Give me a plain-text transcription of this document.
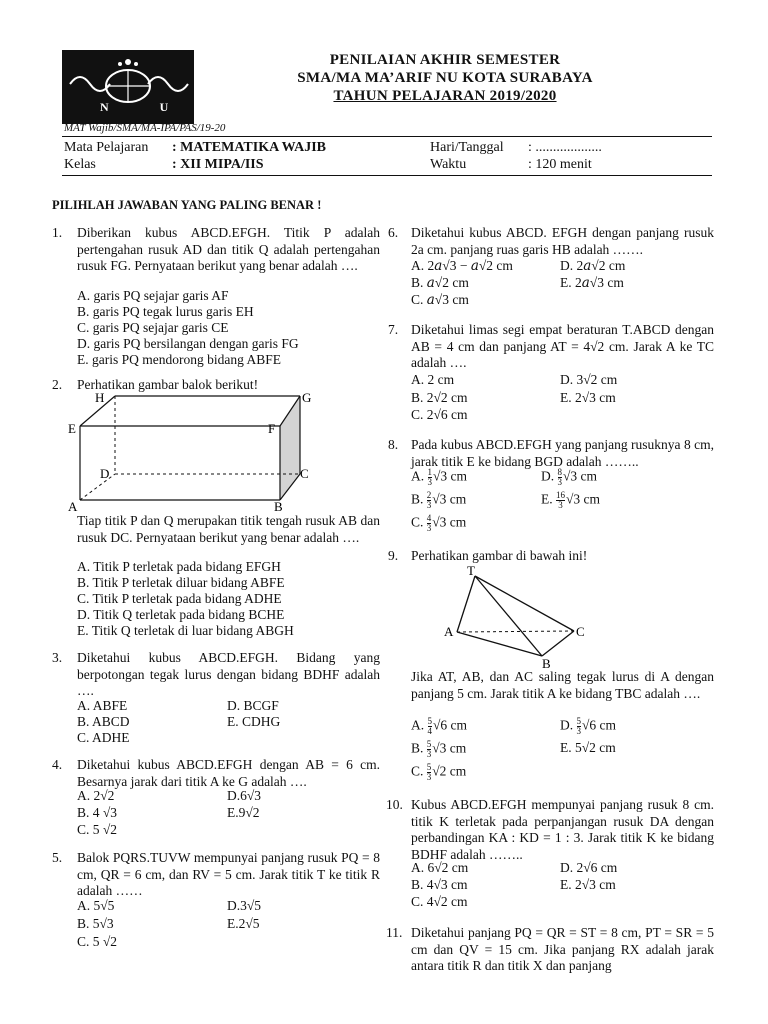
N U
PENILAIAN AKHIR SEMESTER
SMA/MA MA’ARIF NU KOTA SURABAYA
TAHUN PELAJARAN 2019/2020
MAT Wajib/SMA/MA-IPA/PAS/19-20
Mata Pelajaran : MATEMATIKA WAJIB	Hari/Tanggal : ...................
Kelas	: XII MIPA/IIS	Waktu	: 120 menit
PILIHLAH JAWABAN YANG PALING BENAR !
1. Diberikan kubus ABCD.EFGH. Titik P adalah pertengahan rusuk AD dan titik Q adalah pertengahan rusuk FG. Pernyataan berikut yang benar adalah ….
A. garis PQ sejajar garis AF
B. garis PQ tegak lurus garis EH
C. garis PQ sejajar garis CE
D. garis PQ bersilangan dengan garis FG
E. garis PQ mendorong bidang ABFE
2. Perhatikan gambar balok berikut!
H	G
E	F
D	C
A	B
Tiap titik P dan Q merupakan titik tengah rusuk AB dan rusuk DC. Pernyataan berikut yang benar adalah ….
A. Titik P terletak pada bidang EFGH
B. Titik P terletak diluar bidang ABFE
C. Titik P terletak pada bidang ADHE
D. Titik Q terletak pada bidang BCHE
E. Titik Q terletak di luar bidang ABGH
3. Diketahui kubus ABCD.EFGH. Bidang yang berpotongan tegak lurus dengan bidang BDHF adalah ….
A. ABFE	D. BCGF
B. ABCD	E. CDHG
C. ADHE
4. Diketahui kubus ABCD.EFGH dengan AB = 6 cm. Besarnya jarak dari titik A ke G adalah ….
A. 2√2	D.6√3
B. 4 √3	E.9√2
C. 5 √2
5. Balok PQRS.TUVW mempunyai panjang rusuk PQ = 8 cm, QR = 6 cm, dan RV = 5 cm. Jarak titik T ke titik R adalah ……
A. 5√5	D.3√5
B. 5√3	E.2√5
C. 5 √2
6. Diketahui kubus ABCD. EFGH dengan panjang rusuk 2a cm. panjang ruas garis HB adalah …….
A. 2𝑎√3 − 𝑎√2 cm	D. 2𝑎√2 cm
B. 𝑎√2 cm	E. 2𝑎√3 cm
C. 𝑎√3 cm
7. Diketahui limas segi empat beraturan T.ABCD dengan AB = 4 cm dan panjang AT = 4√2 cm. Jarak A ke TC adalah ….
A. 2 cm	D. 3√2 cm
B. 2√2 cm	E. 2√3 cm
C. 2√6 cm
8. Pada kubus ABCD.EFGH yang panjang rusuknya 8 cm, jarak titik E ke bidang BGD adalah ……..
A. $\frac{1}{3} √3$ cm	D. $\frac{8}{3} √3$ cm
B. $\frac{2}{3} √3$ cm	E. $\frac{16}{3} √3$ cm
C. $\frac{4}{3} √3$ cm
9. Perhatikan gambar di bawah ini!
T
A	C
B
Jika AT, AB, dan AC saling tegak lurus di A dengan panjang 5 cm. Jarak titik A ke bidang TBC adalah ….
A. $\frac{5}{4} √6$ cm	D. $\frac{5}{3} √6$ cm
B. $\frac{5}{3} √3$ cm	E. 5√2 cm
C. $\frac{5}{3} √2$ cm
10. Kubus ABCD.EFGH mempunyai panjang rusuk 8 cm. titik K terletak pada perpanjangan rusuk DA dengan perbandingan KA : KD = 1 : 3. Jarak titik K ke bidang BDHF adalah ……..
A. 6√2 cm	D. 2√6 cm
B. 4√3 cm	E. 2√3 cm
C. 4√2 cm
11. Diketahui panjang PQ = QR = ST = 8 cm, PT = SR = 5 cm dan QV = 15 cm. Jika panjang RX adalah jarak antara titik R dan titik X dan panjang
